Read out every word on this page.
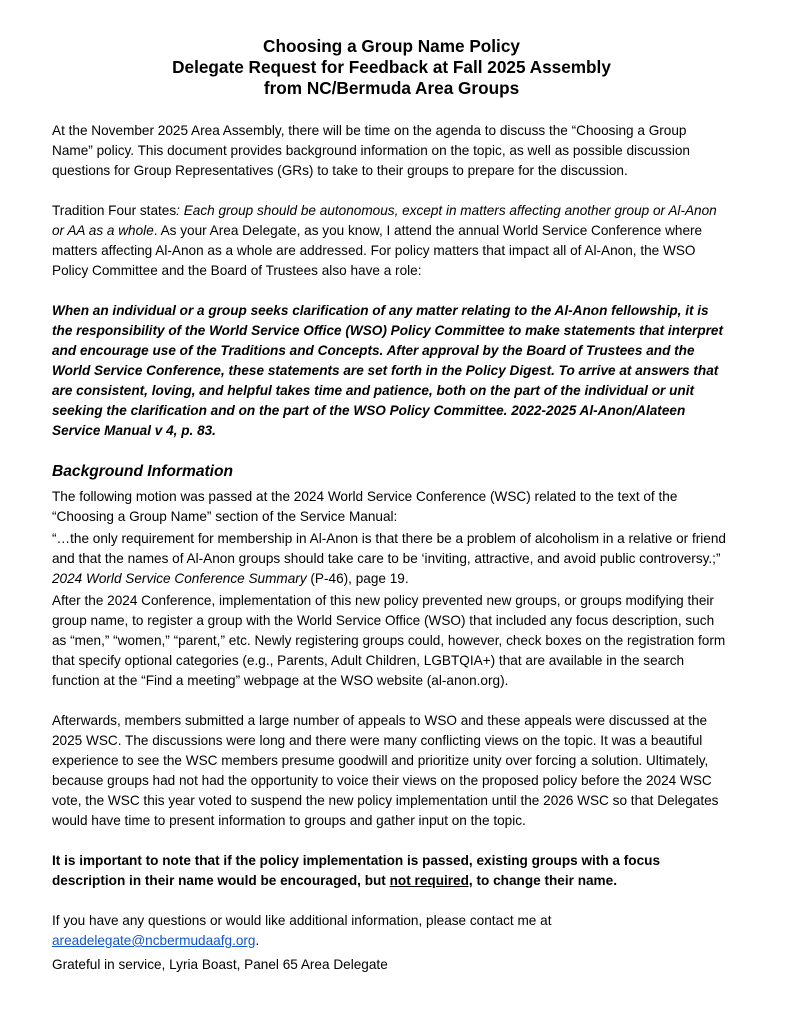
Choosing a Group Name Policy
Delegate Request for Feedback at Fall 2025 Assembly
from NC/Bermuda Area Groups

At the November 2025 Area Assembly, there will be time on the agenda to discuss the “Choosing a Group Name” policy. This document provides background information on the topic, as well as possible discussion questions for Group Representatives (GRs) to take to their groups to prepare for the discussion.

Tradition Four states: Each group should be autonomous, except in matters affecting another group or Al-Anon or AA as a whole. As your Area Delegate, as you know, I attend the annual World Service Conference where matters affecting Al-Anon as a whole are addressed. For policy matters that impact all of Al-Anon, the WSO Policy Committee and the Board of Trustees also have a role:

When an individual or a group seeks clarification of any matter relating to the Al-Anon fellowship, it is the responsibility of the World Service Office (WSO) Policy Committee to make statements that interpret and encourage use of the Traditions and Concepts. After approval by the Board of Trustees and the World Service Conference, these statements are set forth in the Policy Digest. To arrive at answers that are consistent, loving, and helpful takes time and patience, both on the part of the individual or unit seeking the clarification and on the part of the WSO Policy Committee. 2022-2025 Al-Anon/Alateen Service Manual v 4, p. 83.

Background Information

The following motion was passed at the 2024 World Service Conference (WSC) related to the text of the “Choosing a Group Name” section of the Service Manual:

“…the only requirement for membership in Al-Anon is that there be a problem of alcoholism in a relative or friend and that the names of Al-Anon groups should take care to be ‘inviting, attractive, and avoid public controversy.;” 2024 World Service Conference Summary (P-46), page 19.

After the 2024 Conference, implementation of this new policy prevented new groups, or groups modifying their group name, to register a group with the World Service Office (WSO) that included any focus description, such as “men,” “women,” “parent,” etc. Newly registering groups could, however, check boxes on the registration form that specify optional categories (e.g., Parents, Adult Children, LGBTQIA+) that are available in the search function at the “Find a meeting” webpage at the WSO website (al-anon.org).

Afterwards, members submitted a large number of appeals to WSO and these appeals were discussed at the 2025 WSC. The discussions were long and there were many conflicting views on the topic. It was a beautiful experience to see the WSC members presume goodwill and prioritize unity over forcing a solution. Ultimately, because groups had not had the opportunity to voice their views on the proposed policy before the 2024 WSC vote, the WSC this year voted to suspend the new policy implementation until the 2026 WSC so that Delegates would have time to present information to groups and gather input on the topic.

It is important to note that if the policy implementation is passed, existing groups with a focus description in their name would be encouraged, but not required, to change their name.

If you have any questions or would like additional information, please contact me at
areadelegate@ncbermudaafg.org.

Grateful in service, Lyria Boast, Panel 65 Area Delegate
